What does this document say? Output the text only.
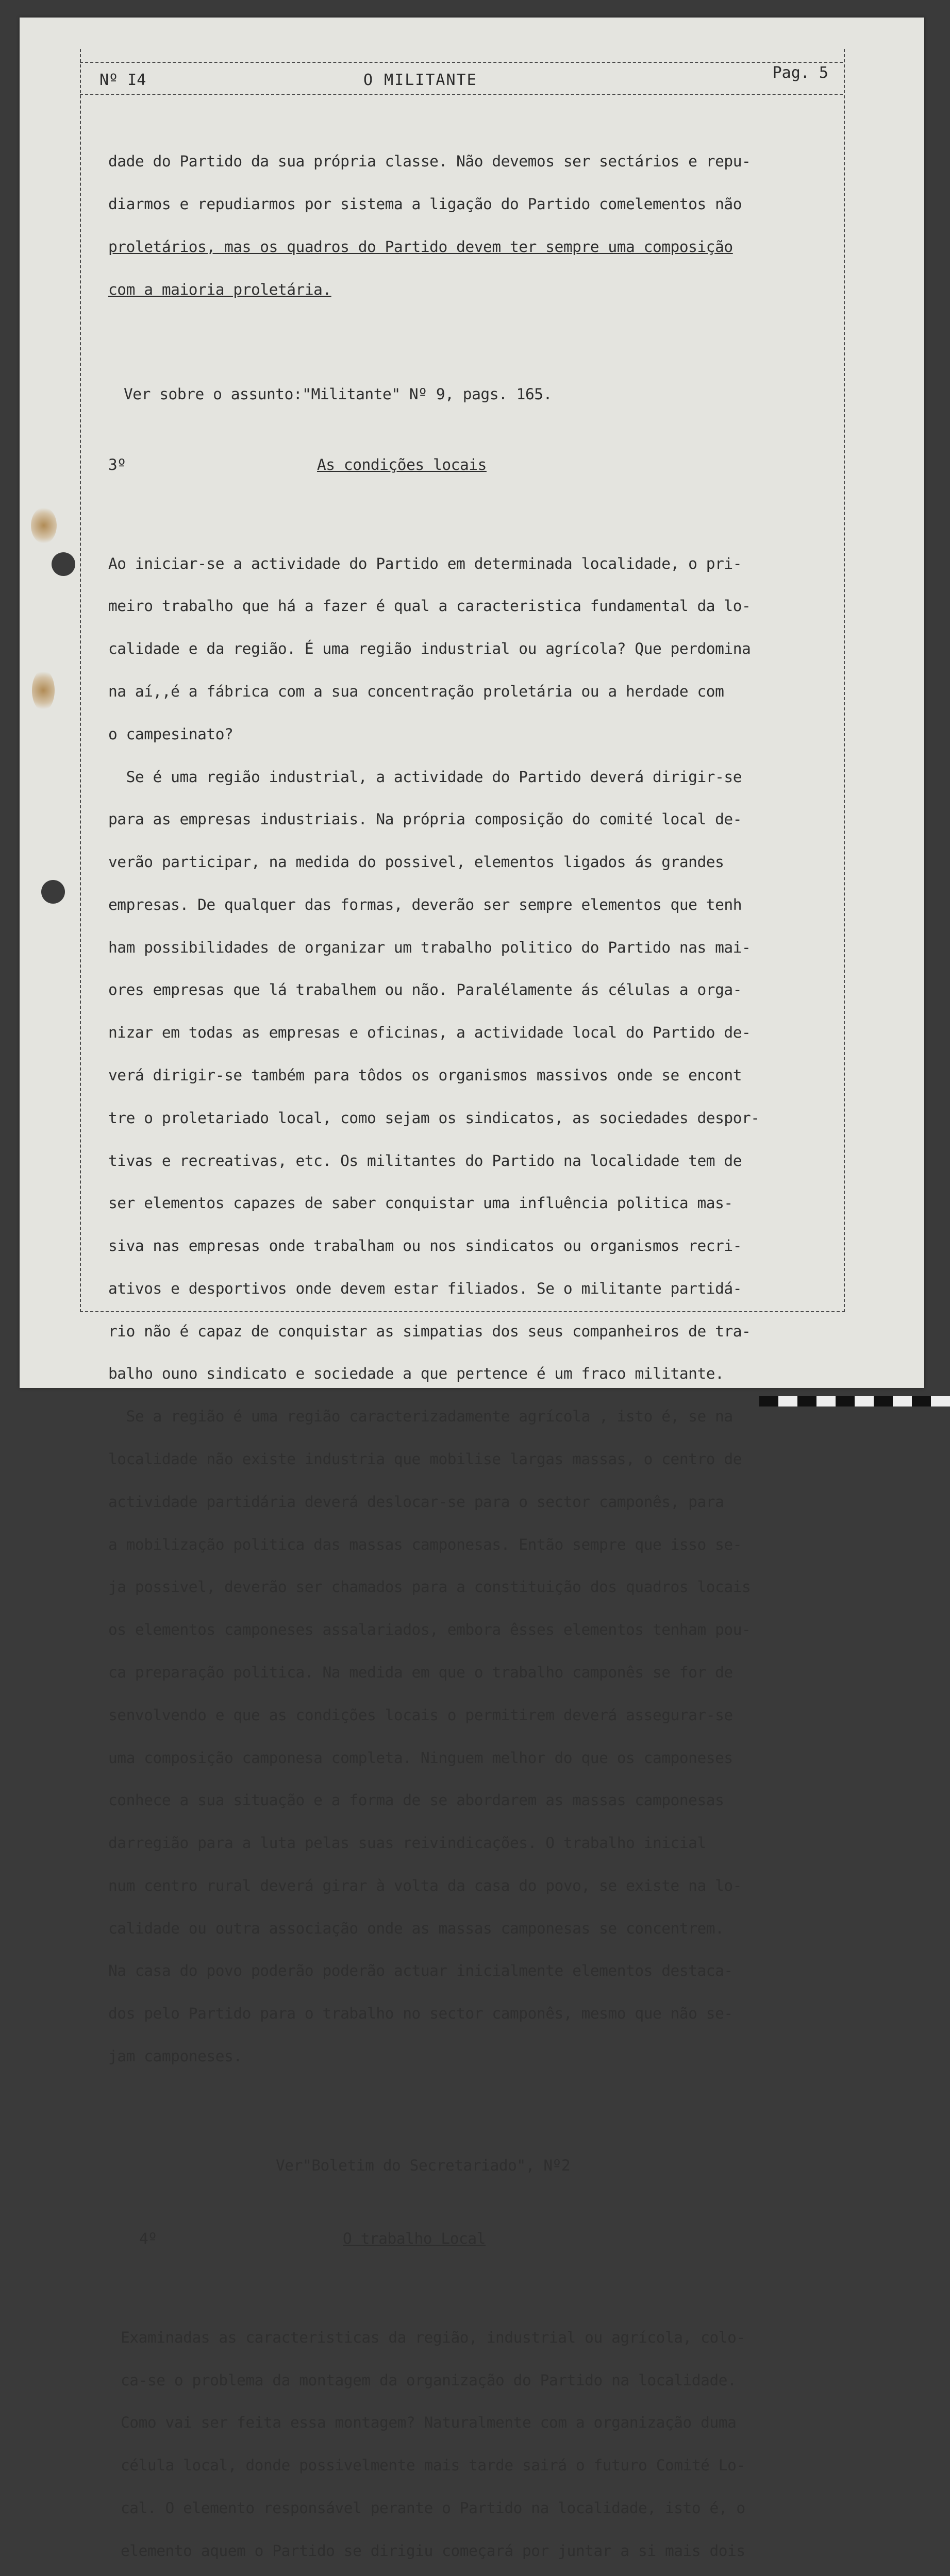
Nº I4	O MILITANTE	Pag. 5

dade do Partido da sua própria classe. Não devemos ser sectários e repu-

diarmos e repudiarmos por sistema a ligação do Partido comelementos não

proletários, mas os quadros do Partido devem ter sempre uma composição

com a maioria proletária.

Ver sobre o assunto:"Militante" Nº 9, pags. 165.

3º

	As condições locais

Ao iniciar-se a actividade do Partido em determinada localidade, o pri-

meiro trabalho que há a fazer é qual a caracteristica fundamental da lo-

calidade e da região. É uma região industrial ou agrícola? Que perdomina

na aí,,é a fábrica com a sua concentração proletária ou a herdade com

o campesinato?

Se é uma região industrial, a actividade do Partido deverá dirigir-se

para as empresas industriais. Na própria composição do comité local de-

verão participar, na medida do possivel, elementos ligados ás grandes

empresas. De qualquer das formas, deverão ser sempre elementos que tenh

ham possibilidades de organizar um trabalho politico do Partido nas mai-

ores empresas que lá trabalhem ou não. Paralélamente ás células a orga-

nizar em todas as empresas e oficinas, a actividade local do Partido de-

verá dirigir-se também para tôdos os organismos massivos onde se encont

tre o proletariado local, como sejam os sindicatos, as sociedades despor-

tivas e recreativas, etc. Os militantes do Partido na localidade tem de

ser elementos capazes de saber conquistar uma influência politica mas-

siva nas empresas onde trabalham ou nos sindicatos ou organismos recri-

ativos e desportivos onde devem estar filiados. Se o militante partidá-

rio não é capaz de conquistar as simpatias dos seus companheiros de tra-

balho ouno sindicato e sociedade a que pertence é um fraco militante.

Se a região é uma região caracterizadamente agrícola , isto é, se na

localidade não existe industria que mobilise largas massas, o centro de

actividade partidária deverá deslocar-se para o sector camponês, para

a mobilização politica das massas camponesas. Então sempre que isso se-

ja possivel, deverão ser chamados para a constituição dos quadros locais

os elementos camponeses assalariados, embora êsses elementos tenham pou-

ca preparação politica. Na medida em que o trabalho camponês se for de

senvolvendo e que as condições locais o permitirem deverá assegurar-se

uma composição camponesa completa. Ninguem melhor do que os camponeses

conhece a sua situação e a forma de se abordarem as massas camponesas

darregião para a luta pelas suas reivindicações. O trabalho inicial

num centro rural deverá girar à volta da casa do povo, se existe na lo-

calidade ou outra associação onde as massas camponesas se concentrem.

Na casa do povo poderão poderão actuar inicialmente elementos destaca-

dos pelo Partido para o trabalho no sector camponês, mesmo que não se-

jam camponeses.

Ver"Boletim do Secretariado", Nº2

4º

	O trabalho Local

Examinadas as caracteristicas da região, industrial ou agrícola, colo-

ca-se o problema da montagem da organização do Partido na localidade.

Como vai ser feita essa montagem? Naturalmente com a organização duma

célula local, donde possivelmente mais tarde sairá o futuro Comité Lo-

cal. O elemento responsável perante o Partido na localidade, isto é, o

elemento aquem o Partido se dirigiu começará por juntar a si mais dois
